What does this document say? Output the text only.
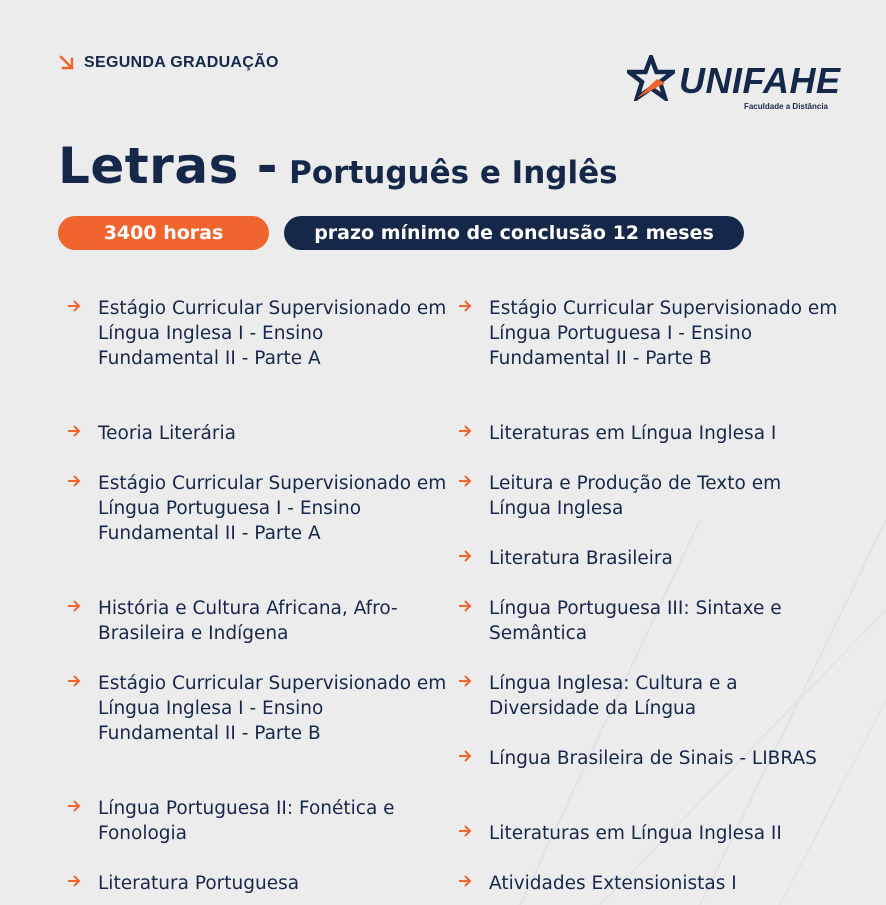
SEGUNDA GRADUAÇÃO	UNIFAHE
Faculdade a Distância
Letras - Português e Inglês
3400 horas	prazo mínimo de conclusão 12 meses
Estágio Curricular Supervisionado em Língua Inglesa I - Ensino Fundamental II - Parte A
Teoria Literária
Estágio Curricular Supervisionado em Língua Portuguesa I - Ensino Fundamental II - Parte A
História e Cultura Africana, Afro-Brasileira e Indígena
Estágio Curricular Supervisionado em Língua Inglesa I - Ensino Fundamental II - Parte B
Língua Portuguesa II: Fonética e Fonologia
Literatura Portuguesa
Estágio Curricular Supervisionado em Língua Portuguesa I - Ensino Fundamental II - Parte B
Literaturas em Língua Inglesa I
Leitura e Produção de Texto em Língua Inglesa
Literatura Brasileira
Língua Portuguesa III: Sintaxe e Semântica
Língua Inglesa: Cultura e a Diversidade da Língua
Língua Brasileira de Sinais - LIBRAS
Literaturas em Língua Inglesa II
Atividades Extensionistas I
